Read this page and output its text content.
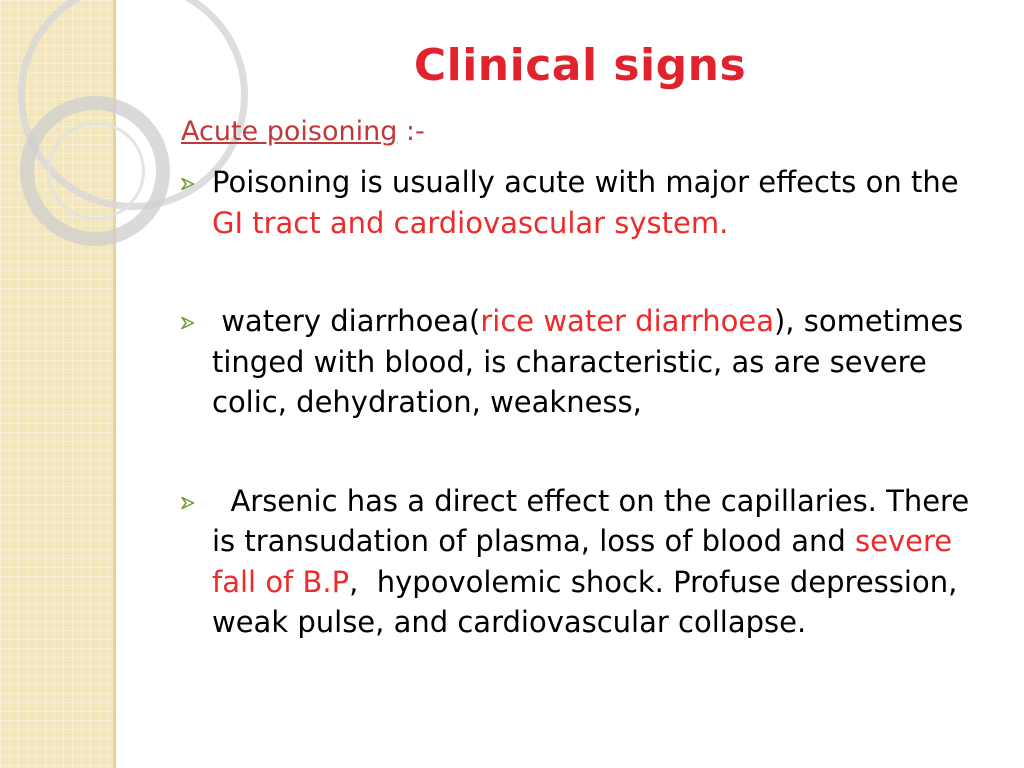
Clinical signs
Acute poisoning :-
Poisoning is usually acute with major effects on the GI tract and cardiovascular system.
watery diarrhoea(rice water diarrhoea), sometimes tinged with blood, is characteristic, as are severe colic, dehydration, weakness,
Arsenic has a direct effect on the capillaries. There is transudation of plasma, loss of blood and severe fall of B.P,  hypovolemic shock. Profuse depression, weak pulse, and cardiovascular collapse.
